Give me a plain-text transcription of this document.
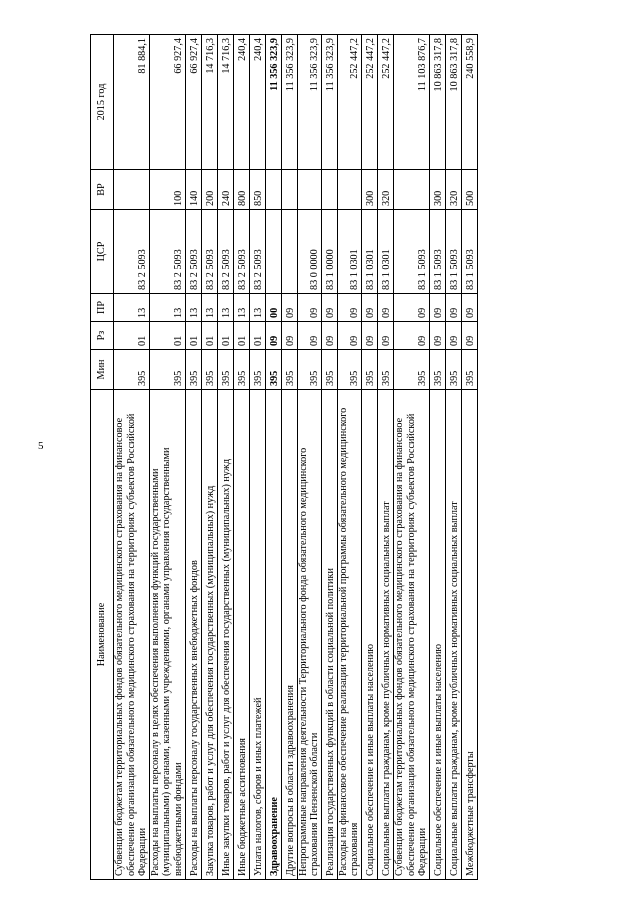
5
Наименование	Мин	Рз	ПР	ЦСР	ВР	2015 год
Субвенции бюджетам территориальных фондов обязательного медицинского страхования на финансовое обеспечение организации обязательного медицинского страхования на территориях субъектов Российской Федерации	395	01	13	83 2 5093		81 884,1
Расходы на выплаты персоналу в целях обеспечения выполнения функций государственными (муниципальными) органами, казенными учреждениями, органами управления государственными внебюджетными фондами	395	01	13	83 2 5093	100	66 927,4
Расходы на выплаты персоналу государственных внебюджетных фондов	395	01	13	83 2 5093	140	66 927,4
Закупка товаров, работ и услуг для обеспечения государственных (муниципальных) нужд	395	01	13	83 2 5093	200	14 716,3
Иные закупки товаров, работ и услуг для обеспечения государственных (муниципальных) нужд	395	01	13	83 2 5093	240	14 716,3
Иные бюджетные ассигнования	395	01	13	83 2 5093	800	240,4
Уплата налогов, сборов и иных платежей	395	01	13	83 2 5093	850	240,4
Здравоохранение	395	09	00			11 356 323,9
Другие вопросы в области здравоохранения	395	09	09			11 356 323,9
Непрограммные направления деятельности Территориального фонда обязательного медицинского страхования Пензенской области	395	09	09	83 0 0000		11 356 323,9
Реализация государственных функций в области социальной политики	395	09	09	83 1 0000		11 356 323,9
Расходы на финансовое обеспечение реализации территориальной программы обязательного медицинского страхования	395	09	09	83 1 0301		252 447,2
Социальное обеспечение и иные выплаты населению	395	09	09	83 1 0301	300	252 447,2
Социальные выплаты гражданам, кроме публичных нормативных социальных выплат	395	09	09	83 1 0301	320	252 447,2
Субвенции бюджетам территориальных фондов обязательного медицинского страхования на финансовое обеспечение организации обязательного медицинского страхования на территориях субъектов Российской Федерации	395	09	09	83 1 5093		11 103 876,7
Социальное обеспечение и иные выплаты населению	395	09	09	83 1 5093	300	10 863 317,8
Социальные выплаты гражданам, кроме публичных нормативных социальных выплат	395	09	09	83 1 5093	320	10 863 317,8
Межбюджетные трансферты	395	09	09	83 1 5093	500	240 558,9
